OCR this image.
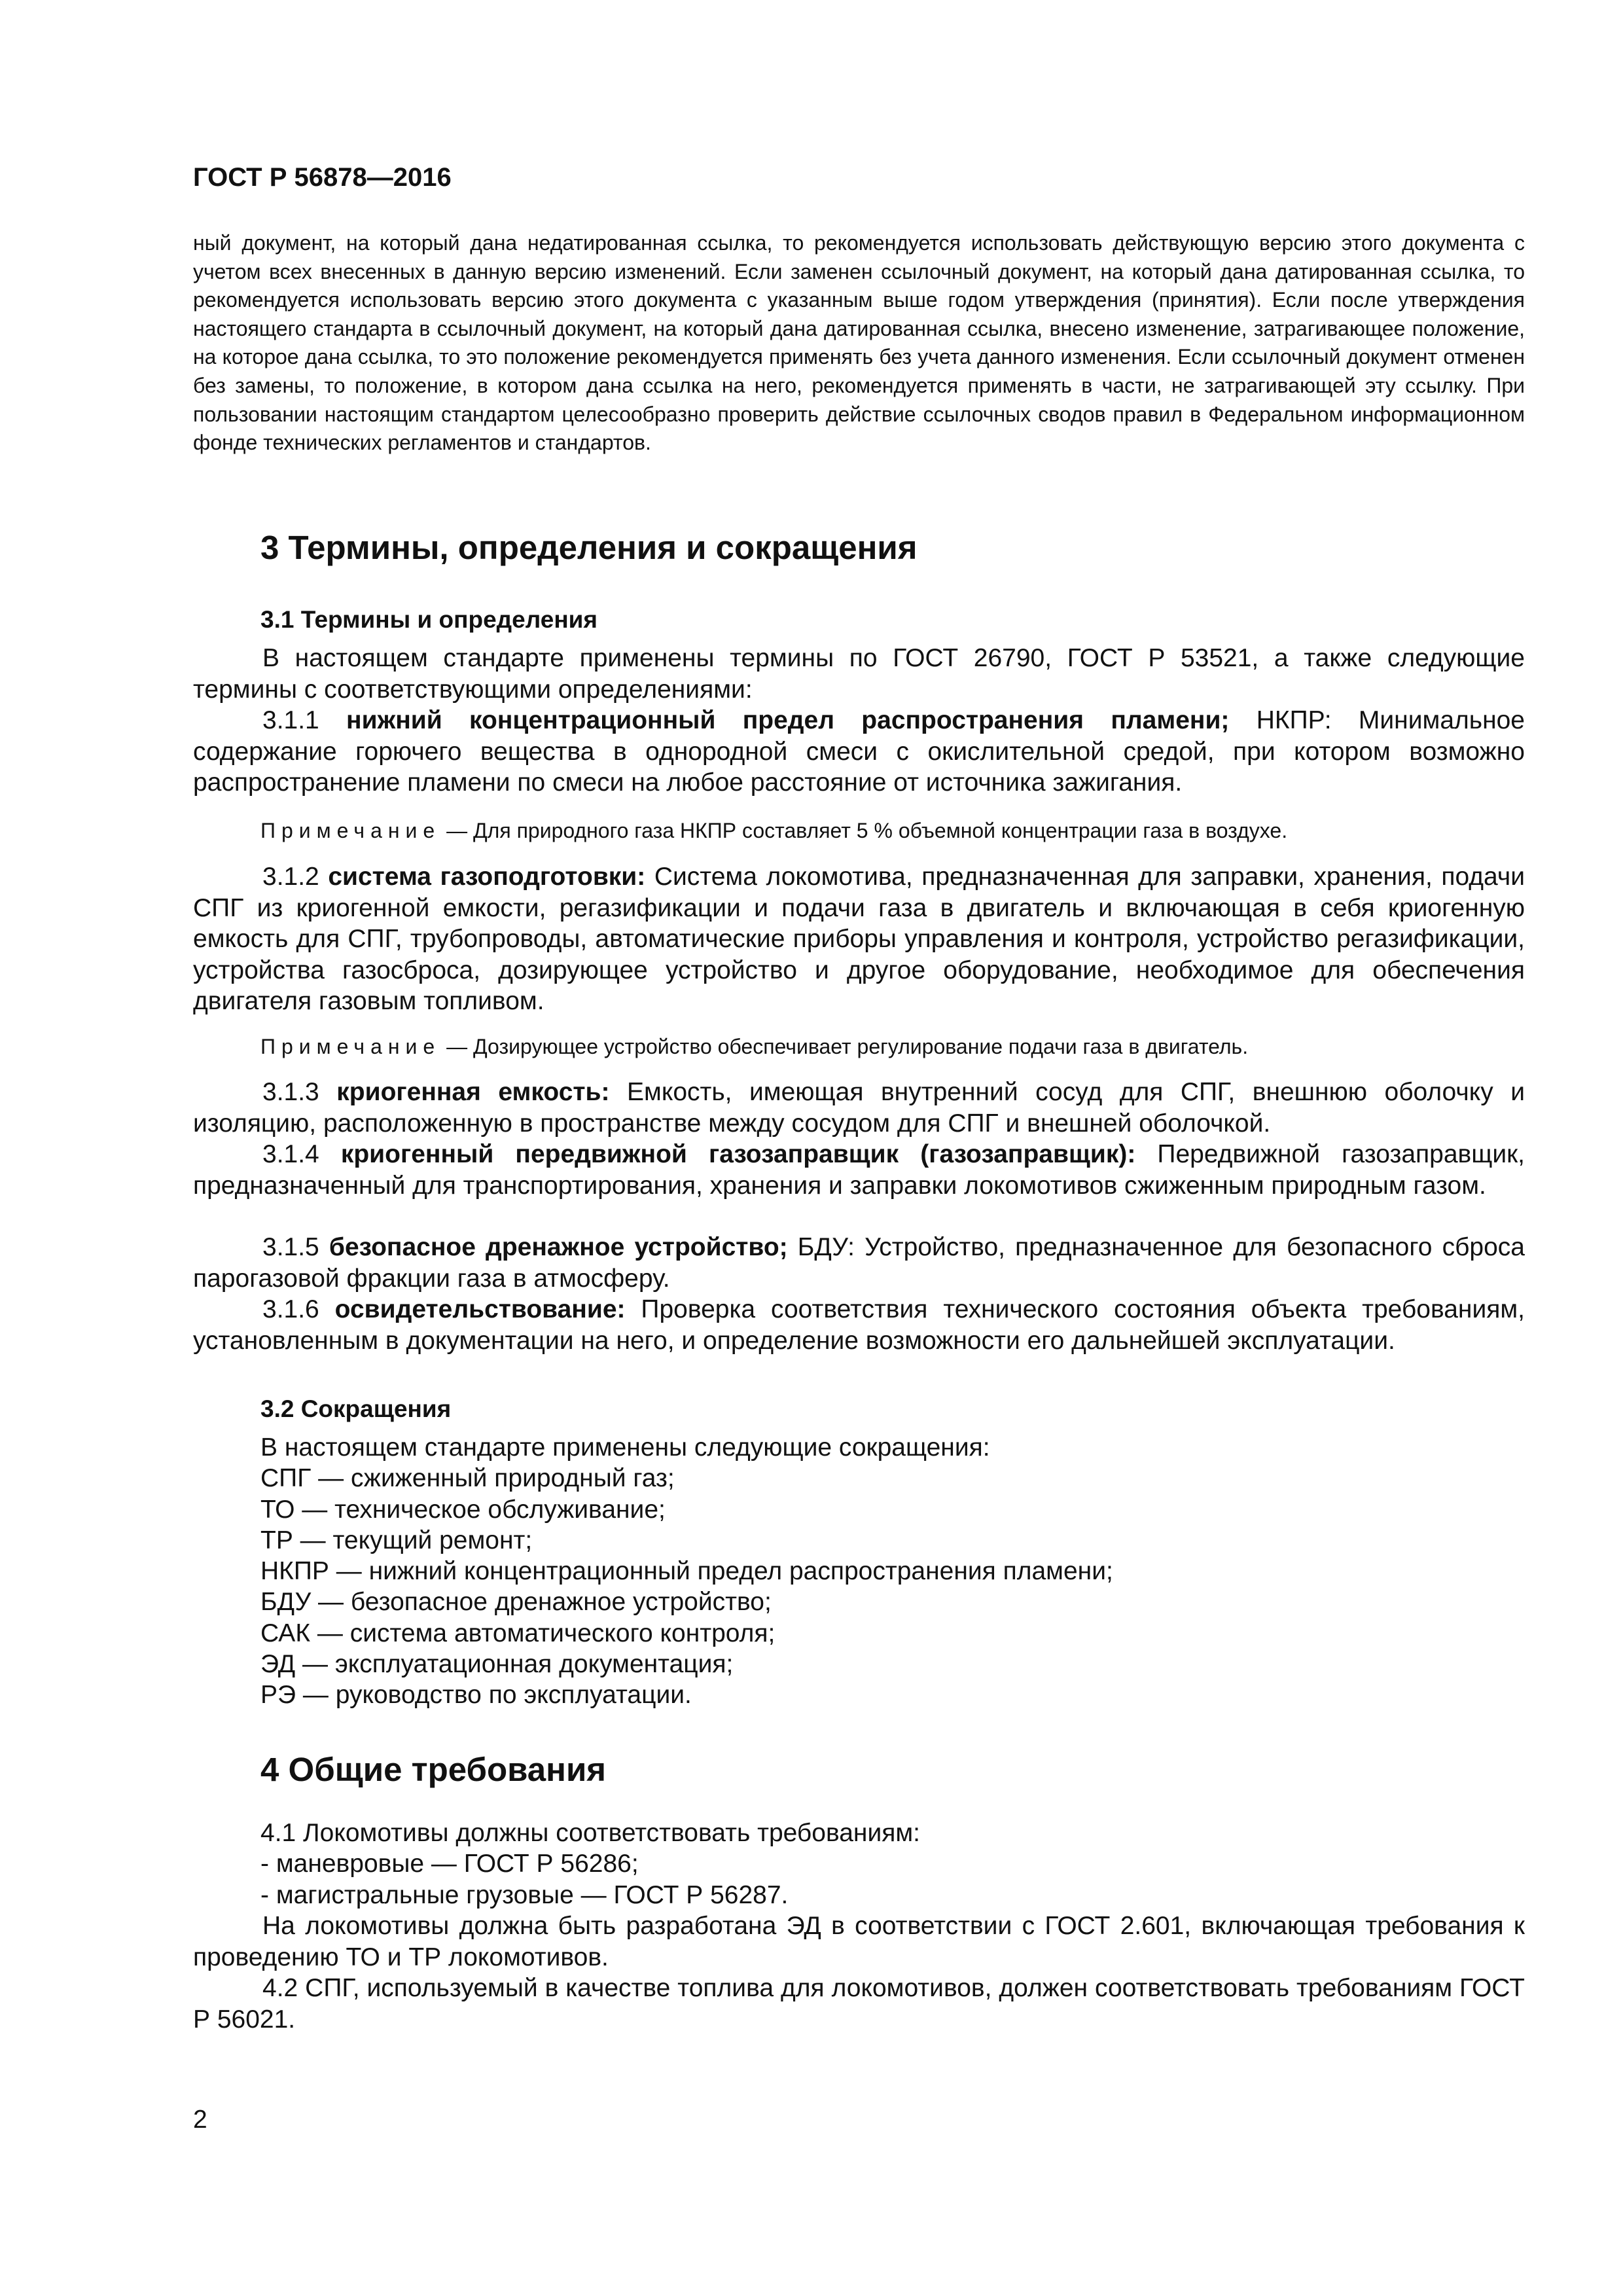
ГОСТ Р 56878—2016

ный документ, на который дана недатированная ссылка, то рекомендуется использовать действующую версию этого документа с учетом всех внесенных в данную версию изменений. Если заменен ссылочный документ, на который дана датированная ссылка, то рекомендуется использовать версию этого документа с указанным выше годом утверждения (принятия). Если после утверждения настоящего стандарта в ссылочный документ, на который дана датированная ссылка, внесено изменение, затрагивающее положение, на которое дана ссылка, то это положение рекомендуется применять без учета данного изменения. Если ссылочный документ отменен без замены, то положение, в котором дана ссылка на него, рекомендуется применять в части, не затрагивающей эту ссылку. При пользовании настоящим стандартом целесообразно проверить действие ссылочных сводов правил в Федеральном информационном фонде технических регламентов и стандартов.

3 Термины, определения и сокращения
3.1 Термины и определения

В настоящем стандарте применены термины по ГОСТ 26790, ГОСТ Р 53521, а также следующие термины с соответствующими определениями:

3.1.1 нижний концентрационный предел распространения пламени; НКПР: Минимальное содержание горючего вещества в однородной смеси с окислительной средой, при котором возможно распространение пламени по смеси на любое расстояние от источника зажигания.

Примечание — Для природного газа НКПР составляет 5 % объемной концентрации газа в воздухе.

3.1.2 система газоподготовки: Система локомотива, предназначенная для заправки, хранения, подачи СПГ из криогенной емкости, регазификации и подачи газа в двигатель и включающая в себя криогенную емкость для СПГ, трубопроводы, автоматические приборы управления и контроля, устройство регазификации, устройства газосброса, дозирующее устройство и другое оборудование, необходимое для обеспечения двигателя газовым топливом.

Примечание — Дозирующее устройство обеспечивает регулирование подачи газа в двигатель.

3.1.3 криогенная емкость: Емкость, имеющая внутренний сосуд для СПГ, внешнюю оболочку и изоляцию, расположенную в пространстве между сосудом для СПГ и внешней оболочкой.

3.1.4 криогенный передвижной газозаправщик (газозаправщик): Передвижной газозаправщик, предназначенный для транспортирования, хранения и заправки локомотивов сжиженным природным газом.

3.1.5 безопасное дренажное устройство; БДУ: Устройство, предназначенное для безопасного сброса парогазовой фракции газа в атмосферу.

3.1.6 освидетельствование: Проверка соответствия технического состояния объекта требованиям, установленным в документации на него, и определение возможности его дальнейшей эксплуатации.

3.2 Сокращения
В настоящем стандарте применены следующие сокращения:
СПГ — сжиженный природный газ;
ТО — техническое обслуживание;
ТР — текущий ремонт;
НКПР — нижний концентрационный предел распространения пламени;
БДУ — безопасное дренажное устройство;
САК — система автоматического контроля;
ЭД — эксплуатационная документация;
РЭ — руководство по эксплуатации.
4 Общие требования
4.1 Локомотивы должны соответствовать требованиям:
- маневровые — ГОСТ Р 56286;
- магистральные грузовые — ГОСТ Р 56287.

На локомотивы должна быть разработана ЭД в соответствии с ГОСТ 2.601, включающая требования к проведению ТО и ТР локомотивов.

4.2 СПГ, используемый в качестве топлива для локомотивов, должен соответствовать требованиям ГОСТ Р 56021.

2
